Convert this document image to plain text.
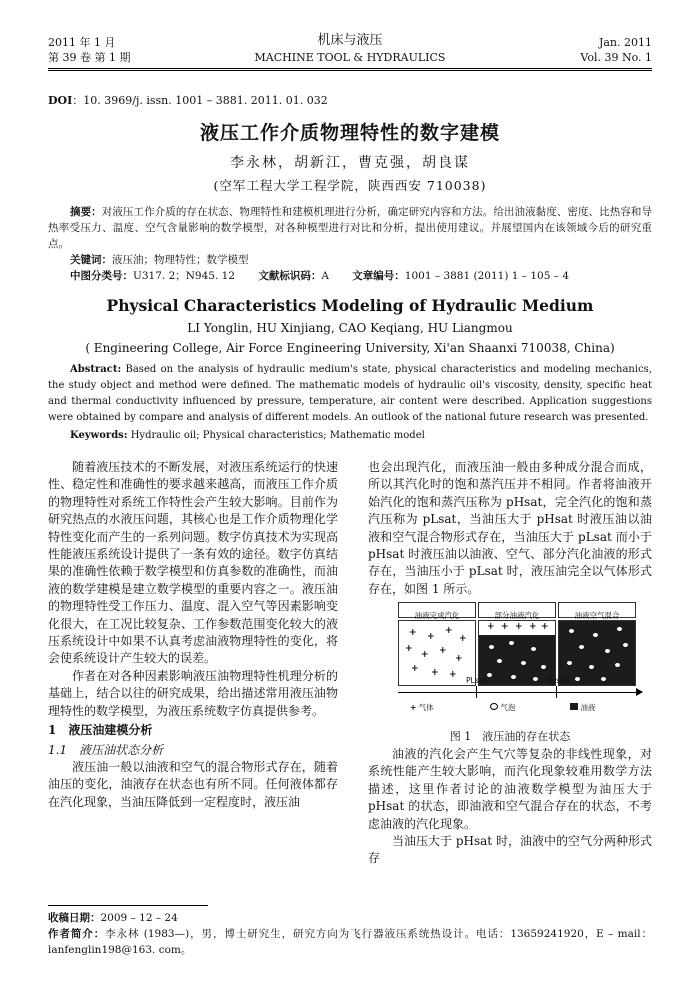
2011 年 1 月
第 39 卷 第 1 期
机床与液压
MACHINE TOOL & HYDRAULICS
Jan. 2011
Vol. 39 No. 1
DOI：10. 3969/j. issn. 1001 – 3881. 2011. 01. 032
液压工作介质物理特性的数字建模
李永林，胡新江，曹克强，胡良谋
(空军工程大学工程学院，陕西西安 710038)
摘要：对液压工作介质的存在状态、物理特性和建模机理进行分析，确定研究内容和方法。给出油液黏度、密度、比热容和导热率受压力、温度、空气含量影响的数学模型，对各种模型进行对比和分析，提出使用建议。并展望国内在该领域今后的研究重点。
关键词：液压油；物理特性；数学模型
中图分类号：U317. 2；N945. 12 文献标识码：A 文章编号：1001 – 3881 (2011) 1 – 105 – 4
Physical Characteristics Modeling of Hydraulic Medium
LI Yonglin, HU Xinjiang, CAO Keqiang, HU Liangmou
( Engineering College, Air Force Engineering University, Xi'an Shaanxi 710038, China)
Abstract: Based on the analysis of hydraulic medium's state, physical characteristics and modeling mechanics, the study object and method were defined. The mathematic models of hydraulic oil's viscosity, density, specific heat and thermal conductivity influenced by pressure, temperature, air content were described. Application suggestions were obtained by compare and analysis of different models. An outlook of the national future research was presented.
Keywords: Hydraulic oil; Physical characteristics; Mathematic model
随着液压技术的不断发展，对液压系统运行的快速性、稳定性和准确性的要求越来越高，而液压工作介质的物理特性对系统工作特性会产生较大影响。目前作为研究热点的水液压问题，其核心也是工作介质物理化学特性变化而产生的一系列问题。数字仿真技术为实现高性能液压系统设计提供了一条有效的途径。数字仿真结果的准确性依赖于数学模型和仿真参数的准确性，而油液的数学建模是建立数学模型的重要内容之一。液压油的物理特性受工作压力、温度、混入空气等因素影响变化很大，在工况比较复杂、工作参数范围变化较大的液压系统设计中如果不认真考虑油液物理特性的变化，将会使系统设计产生较大的误差。
作者在对各种因素影响液压油物理特性机理分析的基础上，结合以往的研究成果，给出描述常用液压油物理特性的数学模型，为液压系统数字仿真提供参考。
1　液压油建模分析
1.1　液压油状态分析
液压油一般以油液和空气的混合物形式存在，随着油压的变化，油液存在状态也有所不同。任何液体都存在汽化现象，当油压降低到一定程度时，液压油
也会出现汽化，而液压油一般由多种成分混合而成，所以其汽化时的饱和蒸汽压并不相同。作者将油液开始汽化的饱和蒸汽压称为 pHsat，完全汽化的饱和蒸汽压称为 pLsat，当油压大于 pHsat 时液压油以油液和空气混合物形式存在，当油压大于 pLsat 而小于 pHsat 时液压油以油液、空气、部分汽化油液的形式存在，当油压小于 pLsat 时，液压油完全以气体形式存在，如图 1 所示。
油液完成汽化	部分油液汽化	油液空气混合
+ +
+
+
+
+ +
+
+ + +
+ + + + +
PLsat	PHsat
+ 气体	气泡	油液
图 1　液压油的存在状态
油液的汽化会产生气穴等复杂的非线性现象，对系统性能产生较大影响，而汽化现象较难用数学方法描述，这里作者讨论的油液数学模型为油压大于 pHsat 的状态，即油液和空气混合存在的状态，不考虑油液的汽化现象。
当油压大于 pHsat 时，油液中的空气分两种形式存
收稿日期：2009 – 12 – 24
作者简介：李永林 (1983—)，男，博士研究生，研究方向为飞行器液压系统热设计。电话：13659241920，E – mail：lanfenglin198@163. com。
